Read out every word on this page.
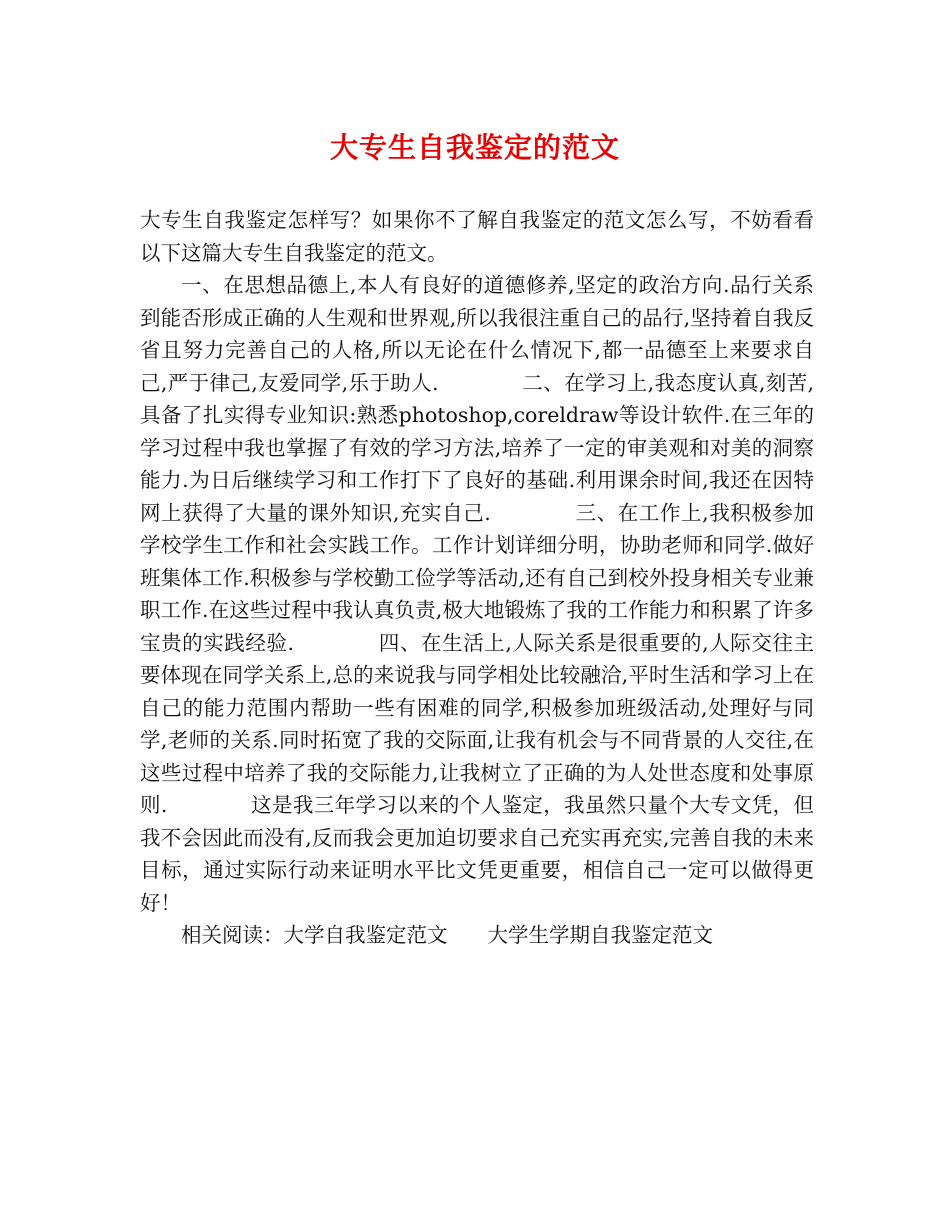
大专生自我鉴定的范文

大专生自我鉴定怎样写？如果你不了解自我鉴定的范文怎么写，不妨看看以下这篇大专生自我鉴定的范文。

一、在思想品德上,本人有良好的道德修养,坚定的政治方向.品行关系到能否形成正确的人生观和世界观,所以我很注重自己的品行,坚持着自我反省且努力完善自己的人格,所以无论在什么情况下,都一品德至上来要求自己,严于律己,友爱同学,乐于助人.　　　　二、在学习上,我态度认真,刻苦,具备了扎实得专业知识:熟悉photoshop,coreldraw等设计软件.在三年的学习过程中我也掌握了有效的学习方法,培养了一定的审美观和对美的洞察能力.为日后继续学习和工作打下了良好的基础.利用课余时间,我还在因特网上获得了大量的课外知识,充实自己.　　　　三、在工作上,我积极参加学校学生工作和社会实践工作。工作计划详细分明，协助老师和同学.做好班集体工作.积极参与学校勤工俭学等活动,还有自己到校外投身相关专业兼职工作.在这些过程中我认真负责,极大地锻炼了我的工作能力和积累了许多宝贵的实践经验.　　　　四、在生活上,人际关系是很重要的,人际交往主要体现在同学关系上,总的来说我与同学相处比较融洽,平时生活和学习上在自己的能力范围内帮助一些有困难的同学,积极参加班级活动,处理好与同学,老师的关系.同时拓宽了我的交际面,让我有机会与不同背景的人交往,在这些过程中培养了我的交际能力,让我树立了正确的为人处世态度和处事原则.　　　　这是我三年学习以来的个人鉴定，我虽然只量个大专文凭，但我不会因此而没有,反而我会更加迫切要求自己充实再充实,完善自我的未来目标，通过实际行动来证明水平比文凭更重要，相信自己一定可以做得更好！

相关阅读：大学自我鉴定范文 大学生学期自我鉴定范文
